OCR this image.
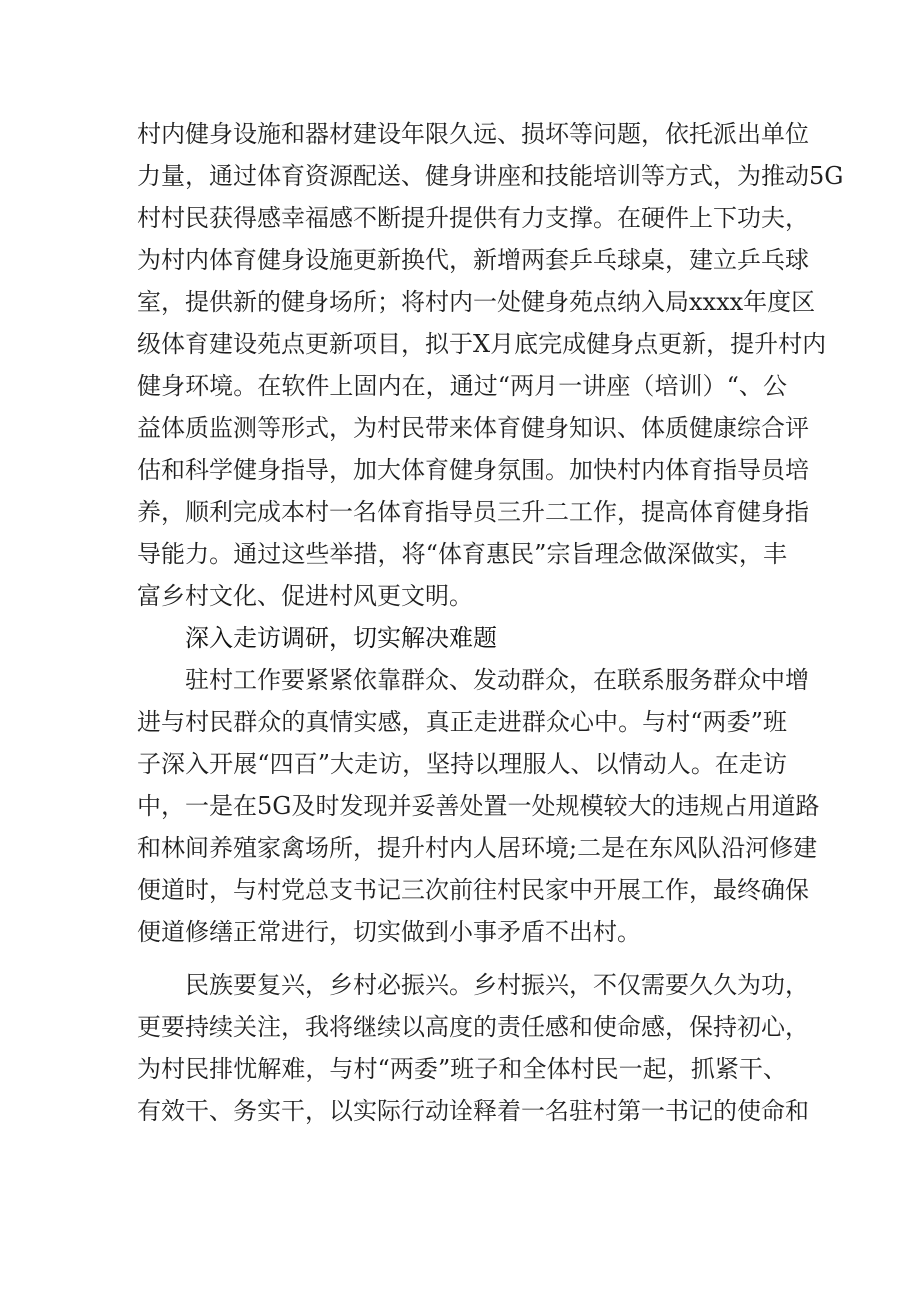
村内健身设施和器材建设年限久远、损坏等问题，依托派出单位
力量，通过体育资源配送、健身讲座和技能培训等方式，为推动5G
村村民获得感幸福感不断提升提供有力支撑。在硬件上下功夫，
为村内体育健身设施更新换代，新增两套乒乓球桌，建立乒乓球
室，提供新的健身场所；将村内一处健身苑点纳入局xxxx年度区
级体育建设苑点更新项目，拟于X月底完成健身点更新，提升村内
健身环境。在软件上固内在，通过“两月一讲座（培训）“、公
益体质监测等形式，为村民带来体育健身知识、体质健康综合评
估和科学健身指导，加大体育健身氛围。加快村内体育指导员培
养，顺利完成本村一名体育指导员三升二工作，提高体育健身指
导能力。通过这些举措，将“体育惠民”宗旨理念做深做实，丰
富乡村文化、促进村风更文明。
深入走访调研，切实解决难题
　　驻村工作要紧紧依靠群众、发动群众，在联系服务群众中增
进与村民群众的真情实感，真正走进群众心中。与村“两委”班
子深入开展“四百”大走访，坚持以理服人、以情动人。在走访
中，一是在5G及时发现并妥善处置一处规模较大的违规占用道路
和林间养殖家禽场所，提升村内人居环境;二是在东风队沿河修建
便道时，与村党总支书记三次前往村民家中开展工作，最终确保
便道修缮正常进行，切实做到小事矛盾不出村。
　　民族要复兴，乡村必振兴。乡村振兴，不仅需要久久为功，
更要持续关注，我将继续以高度的责任感和使命感，保持初心，
为村民排忧解难，与村“两委”班子和全体村民一起，抓紧干、
有效干、务实干，以实际行动诠释着一名驻村第一书记的使命和
